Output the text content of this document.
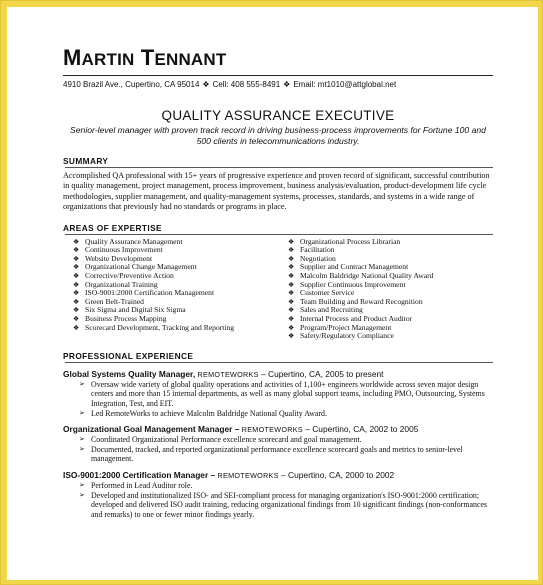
MARTIN TENNANT
4910 Brazil Ave., Cupertino, CA 95014 ❖ Cell: 408 555-8491 ❖ Email: mt1010@attglobal.net
QUALITY ASSURANCE EXECUTIVE
Senior-level manager with proven track record in driving business-process improvements for Fortune 100 and 500 clients in telecommunications industry.
SUMMARY
Accomplished QA professional with 15+ years of progressive experience and proven record of significant, successful contribution in quality management, project management, process improvement, business analysis/evaluation, product-development life cycle methodologies, supplier management, and quality-management systems, processes, standards, and systems in a wide range of organizations that previously had no standards or programs in place.
AREAS OF EXPERTISE
❖ Quality Assurance Management
❖ Continuous Improvement
❖ Website Development
❖ Organizational Change Management
❖ Corrective/Preventive Action
❖ Organizational Training
❖ ISO-9001:2000 Certification Management
❖ Green Belt-Trained
❖ Six Sigma and Digital Six Sigma
❖ Business Process Mapping
❖ Scorecard Development, Tracking and Reporting
❖ Organizational Process Librarian
❖ Facilitation
❖ Negotiation
❖ Supplier and Contract Management
❖ Malcolm Baldridge National Quality Award
❖ Supplier Continuous Improvement
❖ Customer Service
❖ Team Building and Reward Recognition
❖ Sales and Recruiting
❖ Internal Process and Product Auditor
❖ Program/Project Management
❖ Safety/Regulatory Compliance
PROFESSIONAL EXPERIENCE
Global Systems Quality Manager, REMOTEWORKS – Cupertino, CA, 2005 to present
➢ Oversaw wide variety of global quality operations and activities of 1,100+ engineers worldwide across seven major design centers and more than 15 internal departments, as well as many global support teams, including PMO, Outsourcing, Systems Integration, Test, and EIT.
➢ Led RemoteWorks to achieve Malcolm Baldridge National Quality Award.
Organizational Goal Management Manager – REMOTEWORKS – Cupertino, CA, 2002 to 2005
➢ Coordinated Organizational Performance excellence scorecard and goal management.
➢ Documented, tracked, and reported organizational performance excellence scorecard goals and metrics to senior-level management.
ISO-9001:2000 Certification Manager – REMOTEWORKS – Cupertino, CA, 2000 to 2002
➢ Performed in Lead Auditor role.
➢ Developed and institutionalized ISO- and SEI-compliant process for managing organization's ISO-9001:2000 certification; developed and delivered ISO audit training, reducing organizational findings from 10 significant findings (non-conformances and remarks) to one or fewer minor findings yearly.
